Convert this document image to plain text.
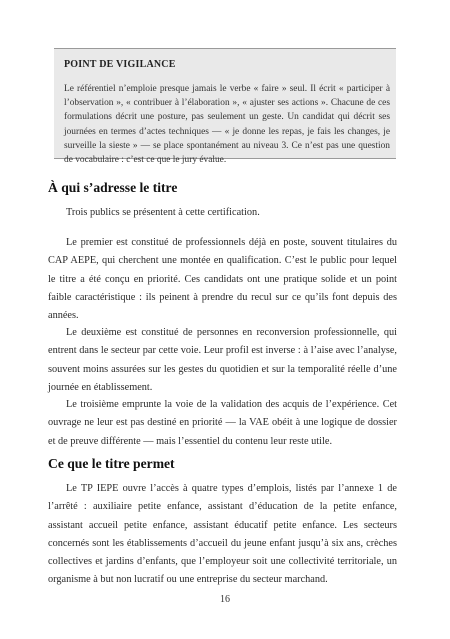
POINT DE VIGILANCE
Le référentiel n’emploie presque jamais le verbe « faire » seul. Il écrit « participer à l’observation », « contribuer à l’élaboration », « ajuster ses actions ». Chacune de ces formulations décrit une posture, pas seulement un geste. Un candidat qui décrit ses journées en termes d’actes techniques — « je donne les repas, je fais les changes, je surveille la sieste » — se place spontanément au niveau 3. Ce n’est pas une question de vocabulaire : c’est ce que le jury évalue.
À qui s’adresse le titre

Trois publics se présentent à cette certification.

Le premier est constitué de professionnels déjà en poste, souvent titulaires du CAP AEPE, qui cherchent une montée en qualification. C’est le public pour lequel le titre a été conçu en priorité. Ces candidats ont une pratique solide et un point faible caractéristique : ils peinent à prendre du recul sur ce qu’ils font depuis des années.

Le deuxième est constitué de personnes en reconversion professionnelle, qui entrent dans le secteur par cette voie. Leur profil est inverse : à l’aise avec l’analyse, souvent moins assurées sur les gestes du quotidien et sur la temporalité réelle d’une journée en établissement.

Le troisième emprunte la voie de la validation des acquis de l’expérience. Cet ouvrage ne leur est pas destiné en priorité — la VAE obéit à une logique de dossier et de preuve différente — mais l’essentiel du contenu leur reste utile.

Ce que le titre permet

Le TP IEPE ouvre l’accès à quatre types d’emplois, listés par l’annexe 1 de l’arrêté : auxiliaire petite enfance, assistant d’éducation de la petite enfance, assistant accueil petite enfance, assistant éducatif petite enfance. Les secteurs concernés sont les établissements d’accueil du jeune enfant jusqu’à six ans, crèches collectives et jardins d’enfants, que l’employeur soit une collectivité territoriale, un organisme à but non lucratif ou une entreprise du secteur marchand.

16
